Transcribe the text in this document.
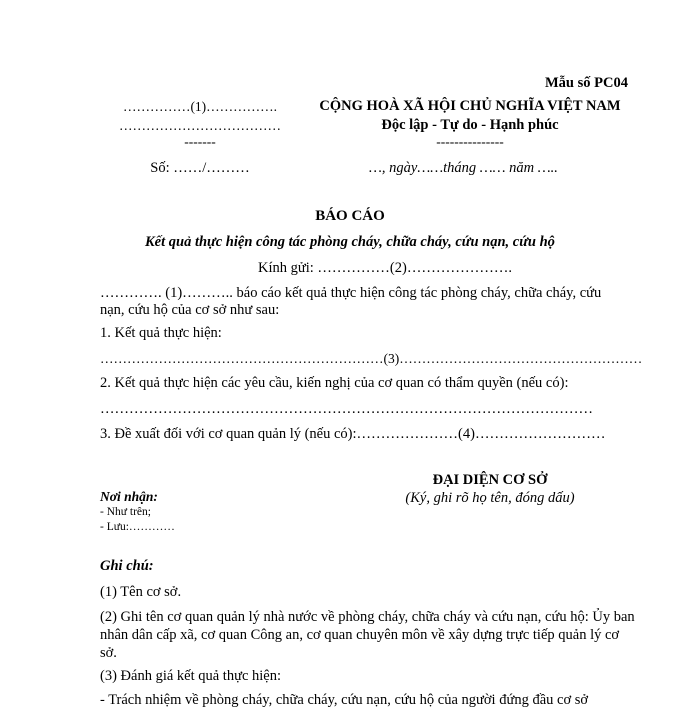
Mẫu số PC04
……………(1)…………….
………………………………
-------
CỘNG HOÀ XÃ HỘI CHỦ NGHĨA VIỆT NAM
Độc lập - Tự do - Hạnh phúc
---------------
Số: ……/………	…, ngày……tháng …… năm …..
BÁO CÁO
Kết quả thực hiện công tác phòng cháy, chữa cháy, cứu nạn, cứu hộ
Kính gửi: ……………(2)………………….
…………. (1)……….. báo cáo kết quả thực hiện công tác phòng cháy, chữa cháy, cứu nạn, cứu hộ của cơ sở như sau:
1. Kết quả thực hiện:
………………………………………………………(3)………………………………………………
2. Kết quả thực hiện các yêu cầu, kiến nghị của cơ quan có thẩm quyền (nếu có):
…………………………………………………………………………………………
3. Đề xuất đối với cơ quan quản lý (nếu có):…………………(4)………………………
ĐẠI DIỆN CƠ SỞ
(Ký, ghi rõ họ tên, đóng dấu)
Nơi nhận:
- Như trên;
- Lưu:…………
Ghi chú:
(1) Tên cơ sở.
(2) Ghi tên cơ quan quản lý nhà nước về phòng cháy, chữa cháy và cứu nạn, cứu hộ: Ủy ban nhân dân cấp xã, cơ quan Công an, cơ quan chuyên môn về xây dựng trực tiếp quản lý cơ sở.
(3) Đánh giá kết quả thực hiện:
- Trách nhiệm về phòng cháy, chữa cháy, cứu nạn, cứu hộ của người đứng đầu cơ sở
